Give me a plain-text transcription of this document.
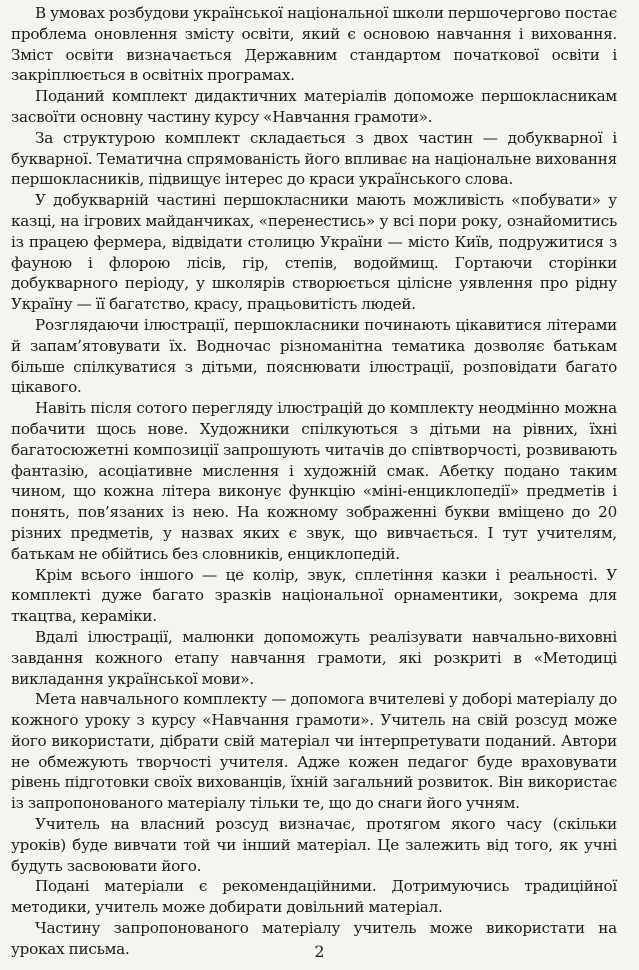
В умовах розбудови української національної школи першочергово постає проблема оновлення змісту освіти, який є основою навчання і виховання. Зміст освіти визначається Державним стандартом початкової освіти і закріплюється в освітніх програмах.

Поданий комплект дидактичних матеріалів допоможе першокласникам засвоїти основну частину курсу «Навчання грамоти».

За структурою комплект складається з двох частин — добукварної і букварної. Тематична спрямованість його впливає на національне виховання першокласників, підвищує інтерес до краси українського слова.

У добукварній частині першокласники мають можливість «побувати» у казці, на ігрових майданчиках, «перенестись» у всі пори року, ознайомитись із працею фермера, відвідати столицю України — місто Київ, подружитися з фауною і флорою лісів, гір, степів, водоймищ. Гортаючи сторінки добукварного періоду, у школярів створюється цілісне уявлення про рідну Україну — її багатство, красу, працьовитість людей.

Розглядаючи ілюстрації, першокласники починають цікавитися літерами й запам’ятовувати їх. Водночас різноманітна тематика дозволяє батькам більше спілкуватися з дітьми, пояснювати ілюстрації, розповідати багато цікавого.

Навіть після сотого перегляду ілюстрацій до комплекту неодмінно можна побачити щось нове. Художники спілкуються з дітьми на рівних, їхні багатосюжетні композиції запрошують читачів до співтворчості, розвивають фантазію, асоціативне мислення і художній смак. Абетку подано таким чином, що кожна літера виконує функцію «міні-енциклопедії» предметів і понять, пов’язаних із нею. На кожному зображенні букви вміщено до 20 різних предметів, у назвах яких є звук, що вивчається. І тут учителям, батькам не обійтись без словників, енциклопедій.

Крім всього іншого — це колір, звук, сплетіння казки і реальності. У комплекті дуже багато зразків національної орнаментики, зокрема для ткацтва, кераміки.

Вдалі ілюстрації, малюнки допоможуть реалізувати навчально-виховні завдання кожного етапу навчання грамоти, які розкриті в «Методиці викладання української мови».

Мета навчального комплекту — допомога вчителеві у доборі матеріалу до кожного уроку з курсу «Навчання грамоти». Учитель на свій розсуд може його використати, дібрати свій матеріал чи інтерпретувати поданий. Автори не обмежують творчості учителя. Адже кожен педагог буде враховувати рівень підготовки своїх вихованців, їхній загальний розвиток. Він використає із запропонованого матеріалу тільки те, що до снаги його учням.

Учитель на власний розсуд визначає, протягом якого часу (скільки уроків) буде вивчати той чи інший матеріал. Це залежить від того, як учні будуть засвоювати його.

Подані матеріали є рекомендаційними. Дотримуючись традиційної методики, учитель може добирати довільний матеріал.

Частину запропонованого матеріалу учитель може використати на уроках письма.	2
